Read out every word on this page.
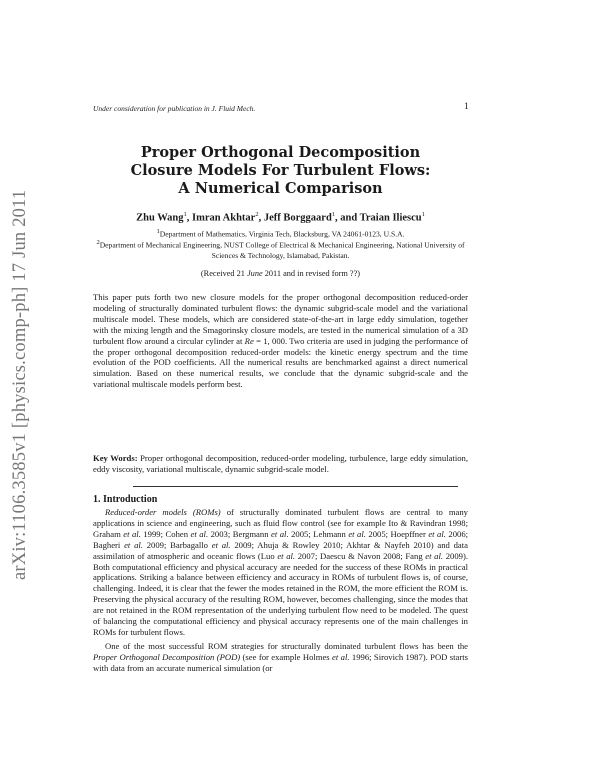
arXiv:1106.3585v1 [physics.comp-ph] 17 Jun 2011
Under consideration for publication in J. Fluid Mech.	1
Proper Orthogonal Decomposition
Closure Models For Turbulent Flows:
A Numerical Comparison
Zhu Wang$^1$, Imran Akhtar$^2$, Jeff Borggaard$^1$, and Traian Iliescu$^1$
$^1$Department of Mathematics, Virginia Tech, Blacksburg, VA 24061-0123, U.S.A.
$^2$Department of Mechanical Engineering, NUST College of Electrical & Mechanical Engineering, National University of Sciences & Technology, Islamabad, Pakistan.
(Received 21 June 2011 and in revised form ??)
This paper puts forth two new closure models for the proper orthogonal decomposition reduced-order modeling of structurally dominated turbulent flows: the dynamic subgrid-scale model and the variational multiscale model. These models, which are considered state-of-the-art in large eddy simulation, together with the mixing length and the Smagorinsky closure models, are tested in the numerical simulation of a 3D turbulent flow around a circular cylinder at Re = 1, 000. Two criteria are used in judging the performance of the proper orthogonal decomposition reduced-order models: the kinetic energy spectrum and the time evolution of the POD coefficients. All the numerical results are benchmarked against a direct numerical simulation. Based on these numerical results, we conclude that the dynamic subgrid-scale and the variational multiscale models perform best.
Key Words: Proper orthogonal decomposition, reduced-order modeling, turbulence, large eddy simulation, eddy viscosity, variational multiscale, dynamic subgrid-scale model.
1. Introduction

Reduced-order models (ROMs) of structurally dominated turbulent flows are central to many applications in science and engineering, such as fluid flow control (see for example Ito & Ravindran 1998; Graham et al. 1999; Cohen et al. 2003; Bergmann et al. 2005; Lehmann et al. 2005; Hoepffner et al. 2006; Bagheri et al. 2009; Barbagallo et al. 2009; Ahuja & Rowley 2010; Akhtar & Nayfeh 2010) and data assimilation of atmospheric and oceanic flows (Luo et al. 2007; Daescu & Navon 2008; Fang et al. 2009). Both computational efficiency and physical accuracy are needed for the success of these ROMs in practical applications. Striking a balance between efficiency and accuracy in ROMs of turbulent flows is, of course, challenging. Indeed, it is clear that the fewer the modes retained in the ROM, the more efficient the ROM is. Preserving the physical accuracy of the resulting ROM, however, becomes challenging, since the modes that are not retained in the ROM representation of the underlying turbulent flow need to be modeled. The quest of balancing the computational efficiency and physical accuracy represents one of the main challenges in ROMs for turbulent flows.

One of the most successful ROM strategies for structurally dominated turbulent flows has been the Proper Orthogonal Decomposition (POD) (see for example Holmes et al. 1996; Sirovich 1987). POD starts with data from an accurate numerical simulation (or
